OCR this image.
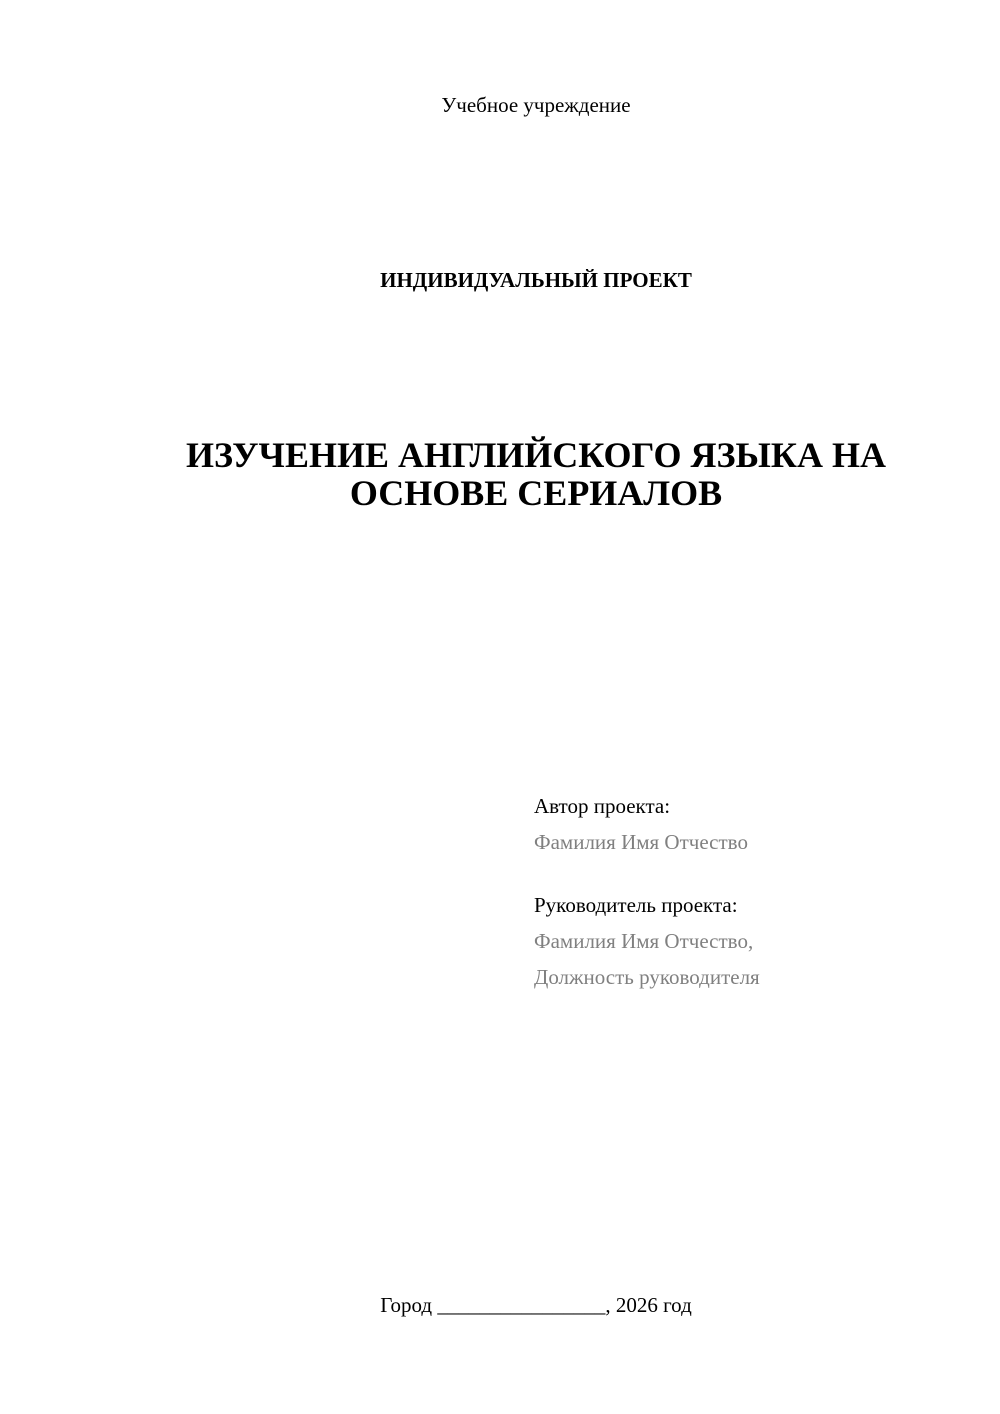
Учебное учреждение
ИНДИВИДУАЛЬНЫЙ ПРОЕКТ
ИЗУЧЕНИЕ АНГЛИЙСКОГО ЯЗЫКА НА
ОСНОВЕ СЕРИАЛОВ
Автор проекта:
Фамилия Имя Отчество
Руководитель проекта:
Фамилия Имя Отчество,
Должность руководителя
Город ________________, 2026 год
